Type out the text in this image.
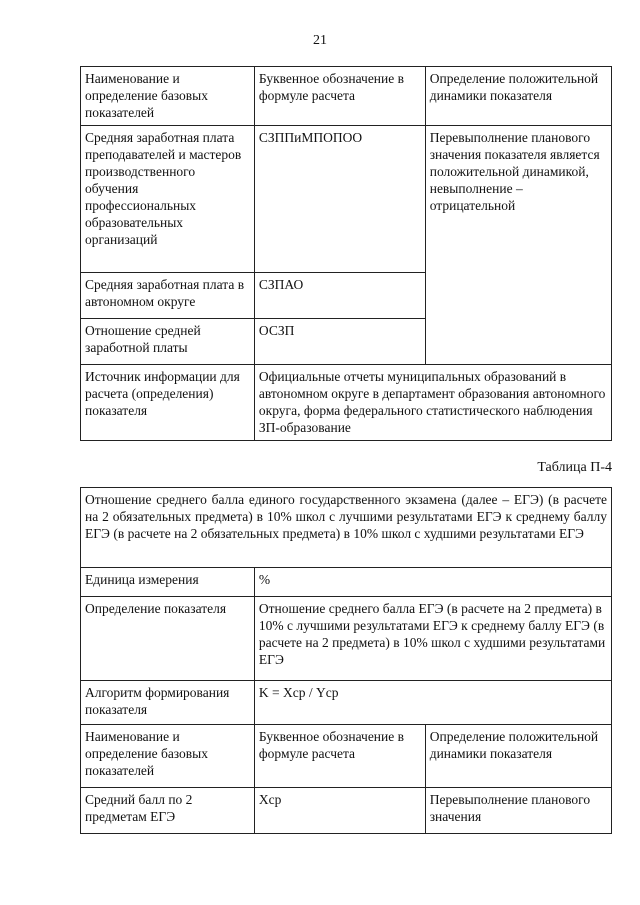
21
Наименование и определение базовых показателей	Буквенное обозначение в формуле расчета	Определение положительной динамики показателя
Средняя заработная плата преподавателей и мастеров производственного обучения профессиональных образовательных организаций	СЗППиМПОПОО	Перевыполнение планового значения показателя является положительной динамикой, невыполнение – отрицательной
Средняя заработная плата в автономном округе	СЗПАО	
Отношение средней заработной платы	ОСЗП	
Источник информации для расчета (определения) показателя	Официальные отчеты муниципальных образований в автономном округе в департамент образования автономного округа, форма федерального статистического наблюдения ЗП-образование	
Таблица П-4
Отношение среднего балла единого государственного экзамена (далее – ЕГЭ) (в расчете на 2 обязательных предмета) в 10% школ с лучшими результатами ЕГЭ к среднему баллу ЕГЭ (в расчете на 2 обязательных предмета) в 10% школ с худшими результатами ЕГЭ		
Единица измерения	%	
Определение показателя	Отношение среднего балла ЕГЭ (в расчете на 2 предмета) в 10% с лучшими результатами ЕГЭ к среднему баллу ЕГЭ (в расчете на 2 предмета) в 10% школ с худшими результатами ЕГЭ	
Алгоритм формирования показателя	K = Хср / Yср	
Наименование и определение базовых показателей	Буквенное обозначение в формуле расчета	Определение положительной динамики показателя
Средний балл по 2 предметам ЕГЭ	Хср	Перевыполнение планового значения
